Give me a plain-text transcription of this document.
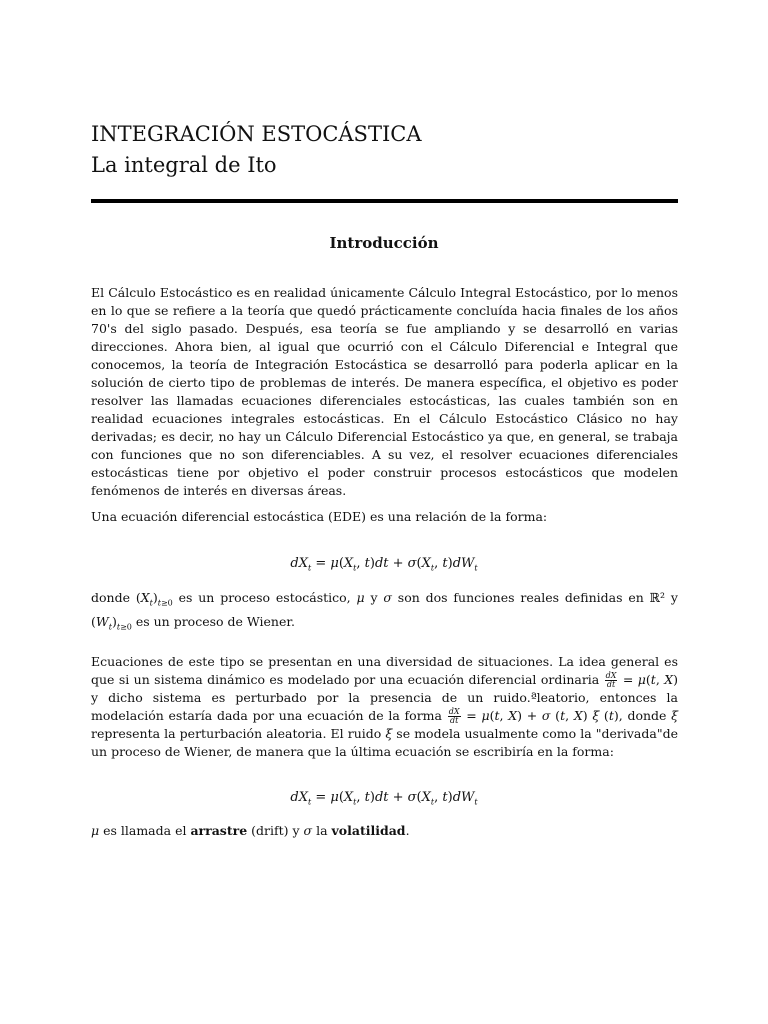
INTEGRACIÓN ESTOCÁSTICA
La integral de Ito
Introducción

El Cálculo Estocástico es en realidad únicamente Cálculo Integral Estocástico, por lo menos en lo que se refiere a la teoría que quedó prácticamente concluída hacia finales de los años 70's del siglo pasado. Después, esa teoría se fue ampliando y se desarrolló en varias direcciones. Ahora bien, al igual que ocurrió con el Cálculo Diferencial e Integral que conocemos, la teoría de Integración Estocástica se desarrolló para poderla aplicar en la solución de cierto tipo de problemas de interés. De manera específica, el objetivo es poder resolver las llamadas ecuaciones diferenciales estocásticas, las cuales también son en realidad ecuaciones integrales estocásticas. En el Cálculo Estocástico Clásico no hay derivadas; es decir, no hay un Cálculo Diferencial Estocástico ya que, en general, se trabaja con funciones que no son diferenciables. A su vez, el resolver ecuaciones diferenciales estocásticas tiene por objetivo el poder construir procesos estocásticos que modelen fenómenos de interés en diversas áreas.

Una ecuación diferencial estocástica (EDE) es una relación de la forma:

$dX_t = \mu(X_t$, $t)dt + \sigma(X_t$, $t)dW_t$

donde $(X_t)_{t\ge 0}$ es un proceso estocástico, μ y σ son dos funciones reales definidas en ℝ² y $(W_t)_{t\ge 0}$ es un proceso de Wiener.

Ecuaciones de este tipo se presentan en una diversidad de situaciones. La idea general es que si un sistema dinámico es modelado por una ecuación diferencial ordinaria $\frac{dX}{dt} = \mu(t$, X) y dicho sistema es perturbado por la presencia de un ruido.ªleatorio, entonces la modelación estaría dada por una ecuación de la forma $\frac{dX}{dt} = \mu(t$, X) + σ (t, X) ξ (t), donde ξ representa la perturbación aleatoria. El ruido ξ se modela usualmente como la "derivada"de un proceso de Wiener, de manera que la última ecuación se escribiría en la forma:

$dX_t = \mu(X_t$, $t)dt + \sigma(X_t$, $t)dW_t$

μ es llamada el arrastre (drift) y σ la volatilidad.
